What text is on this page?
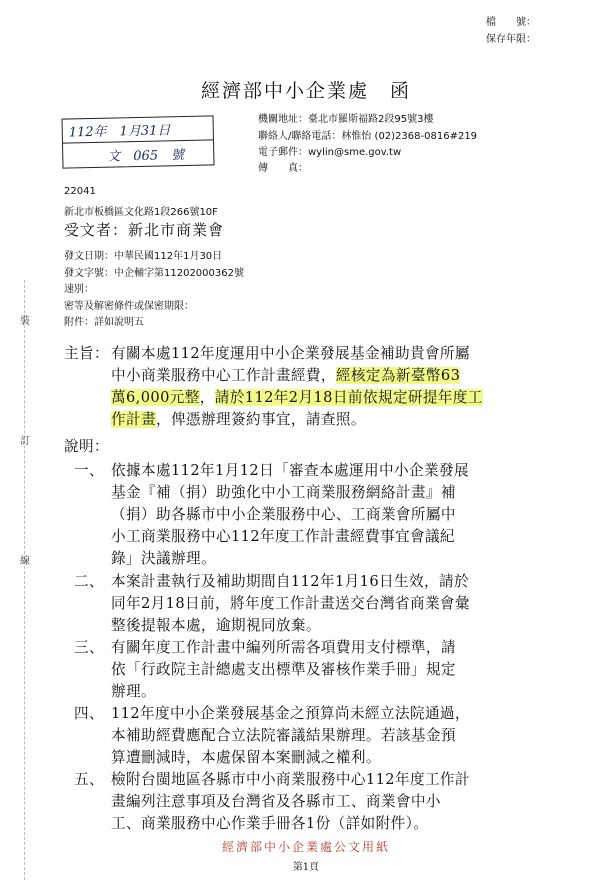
檔　　號：
保存年限：
經濟部中小企業處　函
112年　1月31日
文　065　號
機關地址：臺北市羅斯福路2段95號3樓
聯絡人/聯絡電話：林惟怡 (02)2368-0816#219
電子郵件：wylin@sme.gov.tw
傳　　真：
22041
新北市板橋區文化路1段266號10F
受文者：新北市商業會
發文日期：中華民國112年1月30日
發文字號：中企輔字第11202000362號
速別：
密等及解密條件或保密期限：
附件：詳如說明五
裝
訂
線
主旨： 有關本處112年度運用中小企業發展基金補助貴會所屬
中小商業服務中心工作計畫經費，經核定為新臺幣63
萬6,000元整，請於112年2月18日前依規定研提年度工
作計畫，俾憑辦理簽約事宜，請查照。
說明：
一、 依據本處112年1月12日「審查本處運用中小企業發展
基金『補（捐）助強化中小工商業服務網絡計畫』補
（捐）助各縣市中小企業服務中心、工商業會所屬中
小工商業服務中心112年度工作計畫經費事宜會議紀
錄」決議辦理。
二、 本案計畫執行及補助期間自112年1月16日生效，請於
同年2月18日前，將年度工作計畫送交台灣省商業會彙
整後提報本處，逾期視同放棄。
三、 有關年度工作計畫中編列所需各項費用支付標準，請
依「行政院主計總處支出標準及審核作業手冊」規定
辦理。
四、 112年度中小企業發展基金之預算尚未經立法院通過，
本補助經費應配合立法院審議結果辦理。若該基金預
算遭刪減時，本處保留本案刪減之權利。
五、 檢附台閩地區各縣市中小商業服務中心112年度工作計
畫編列注意事項及台灣省及各縣市工、商業會中小
工、商業服務中心作業手冊各1份（詳如附件）。
經濟部中小企業處公文用紙
第1頁
